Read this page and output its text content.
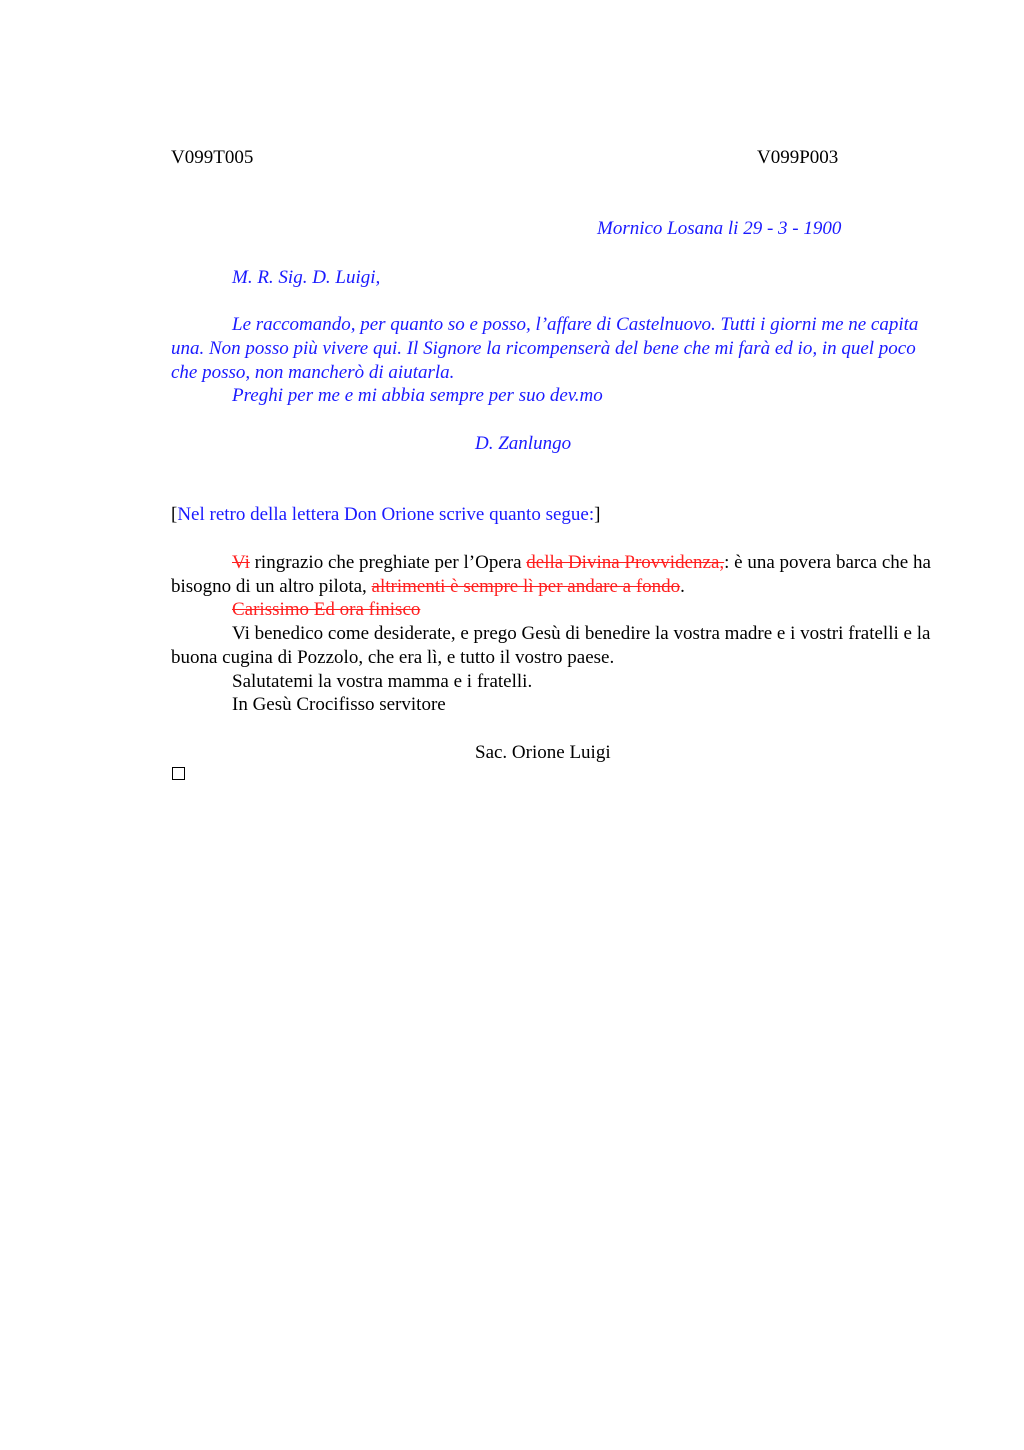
V099T005	V099P003
Mornico Losana li 29 - 3 - 1900
M. R. Sig. D. Luigi,
Le raccomando, per quanto so e posso, l’affare di Castelnuovo. Tutti i giorni me ne capita una. Non posso più vivere qui. Il Signore la ricompenserà del bene che mi farà ed io, in quel poco che posso, non mancherò di aiutarla.
Preghi per me e mi abbia sempre per suo dev.mo
D. Zanlungo
[Nel retro della lettera Don Orione scrive quanto segue:]
Vi ringrazio che preghiate per l’Opera della Divina Provvidenza,: è una povera barca che ha bisogno di un altro pilota, altrimenti è sempre lì per andare a fondo.
Carissimo Ed ora finisco
Vi benedico come desiderate, e prego Gesù di benedire la vostra madre e i vostri fratelli e la buona cugina di Pozzolo, che era lì, e tutto il vostro paese.
Salutatemi la vostra mamma e i fratelli.
In Gesù Crocifisso servitore
Sac. Orione Luigi
